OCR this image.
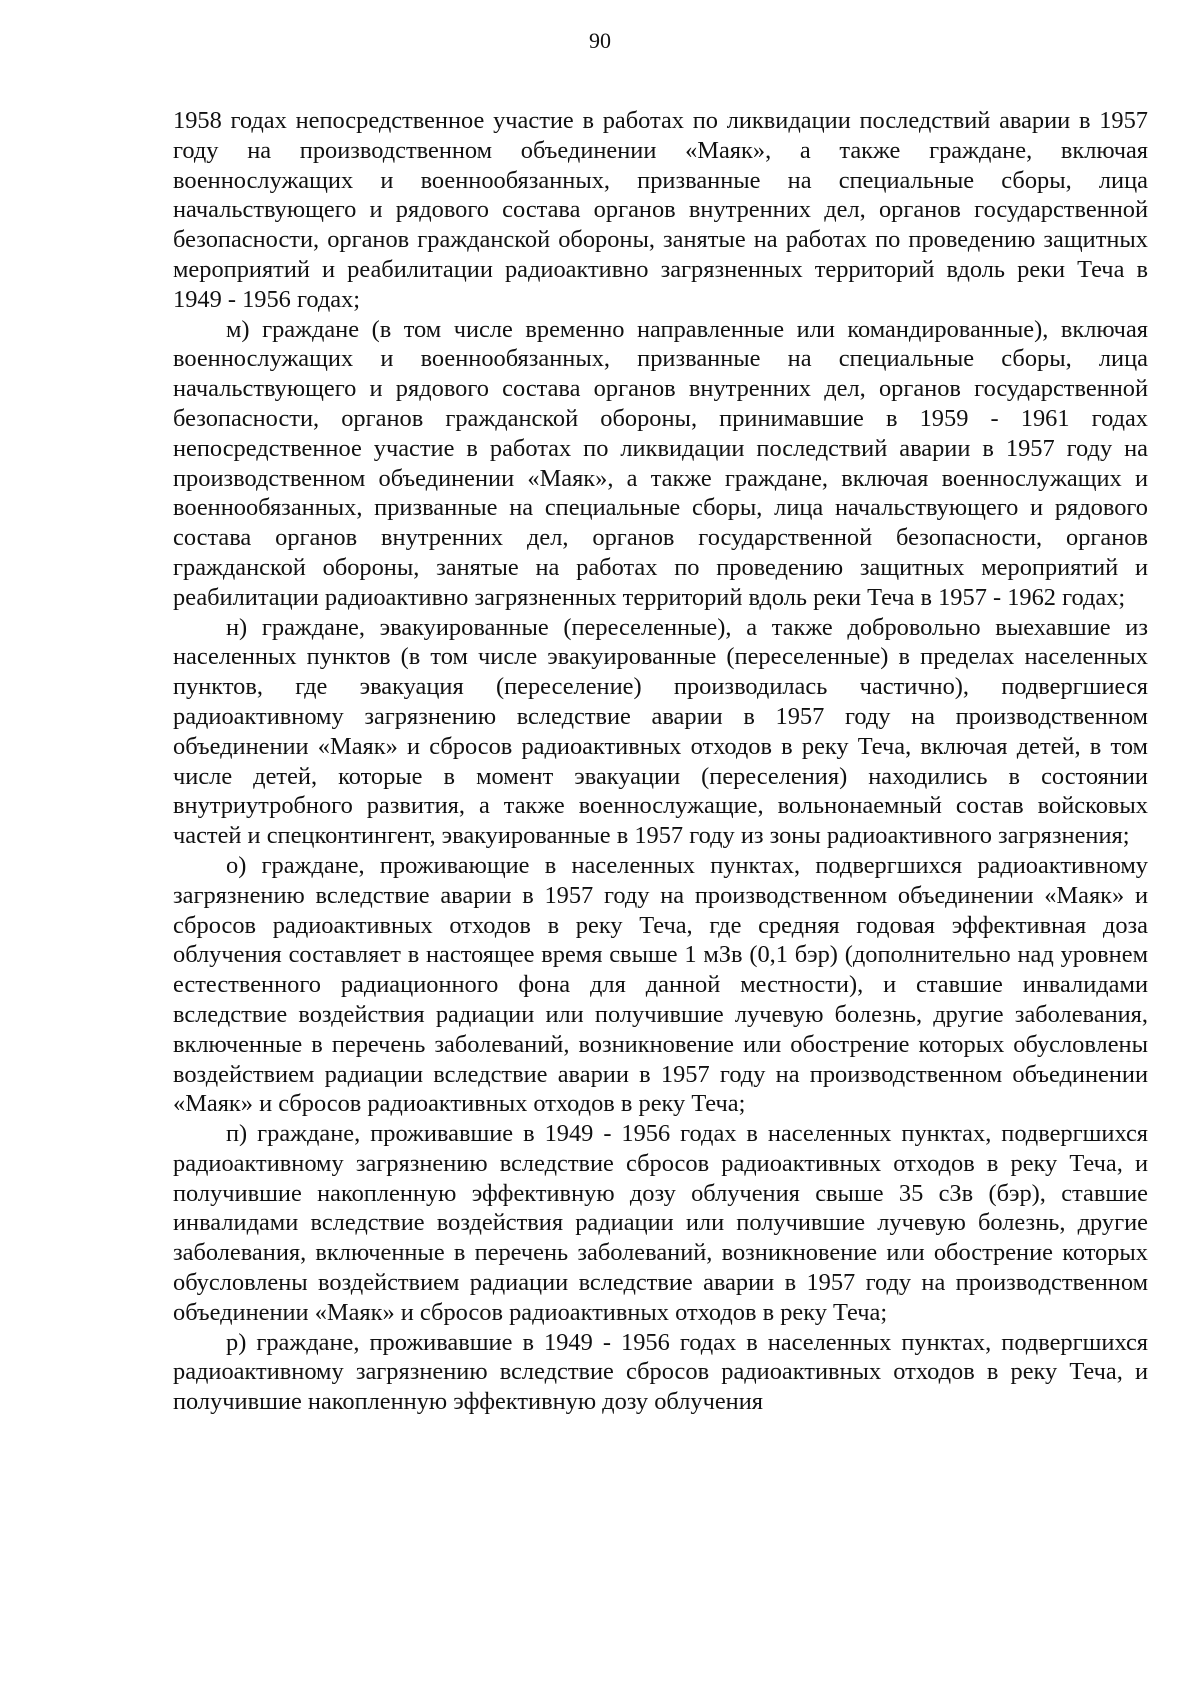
90

1958 годах непосредственное участие в работах по ликвидации последствий аварии в 1957 году на производственном объединении «Маяк», а также граждане, включая военнослужащих и военнообязанных, призванные на специальные сборы, лица начальствующего и рядового состава органов внутренних дел, органов государственной безопасности, органов гражданской обороны, занятые на работах по проведению защитных мероприятий и реабилитации радиоактивно загрязненных территорий вдоль реки Теча в 1949 - 1956 годах;

м) граждане (в том числе временно направленные или командированные), включая военнослужащих и военнообязанных, призванные на специальные сборы, лица начальствующего и рядового состава органов внутренних дел, органов государственной безопасности, органов гражданской обороны, принимавшие в 1959 - 1961 годах непосредственное участие в работах по ликвидации последствий аварии в 1957 году на производственном объединении «Маяк», а также граждане, включая военнослужащих и военнообязанных, призванные на специальные сборы, лица начальствующего и рядового состава органов внутренних дел, органов государственной безопасности, органов гражданской обороны, занятые на работах по проведению защитных мероприятий и реабилитации радиоактивно загрязненных территорий вдоль реки Теча в 1957 - 1962 годах;

н) граждане, эвакуированные (переселенные), а также добровольно выехавшие из населенных пунктов (в том числе эвакуированные (переселенные) в пределах населенных пунктов, где эвакуация (переселение) производилась частично), подвергшиеся радиоактивному загрязнению вследствие аварии в 1957 году на производственном объединении «Маяк» и сбросов радиоактивных отходов в реку Теча, включая детей, в том числе детей, которые в момент эвакуации (переселения) находились в состоянии внутриутробного развития, а также военнослужащие, вольнонаемный состав войсковых частей и спецконтингент, эвакуированные в 1957 году из зоны радиоактивного загрязнения;

о) граждане, проживающие в населенных пунктах, подвергшихся радиоактивному загрязнению вследствие аварии в 1957 году на производственном объединении «Маяк» и сбросов радиоактивных отходов в реку Теча, где средняя годовая эффективная доза облучения составляет в настоящее время свыше 1 мЗв (0,1 бэр) (дополнительно над уровнем естественного радиационного фона для данной местности), и ставшие инвалидами вследствие воздействия радиации или получившие лучевую болезнь, другие заболевания, включенные в перечень заболеваний, возникновение или обострение которых обусловлены воздействием радиации вследствие аварии в 1957 году на производственном объединении «Маяк» и сбросов радиоактивных отходов в реку Теча;

п) граждане, проживавшие в 1949 - 1956 годах в населенных пунктах, подвергшихся радиоактивному загрязнению вследствие сбросов радиоактивных отходов в реку Теча, и получившие накопленную эффективную дозу облучения свыше 35 сЗв (бэр), ставшие инвалидами вследствие воздействия радиации или получившие лучевую болезнь, другие заболевания, включенные в перечень заболеваний, возникновение или обострение которых обусловлены воздействием радиации вследствие аварии в 1957 году на производственном объединении «Маяк» и сбросов радиоактивных отходов в реку Теча;

р) граждане, проживавшие в 1949 - 1956 годах в населенных пунктах, подвергшихся радиоактивному загрязнению вследствие сбросов радиоактивных отходов в реку Теча, и получившие накопленную эффективную дозу облучения
